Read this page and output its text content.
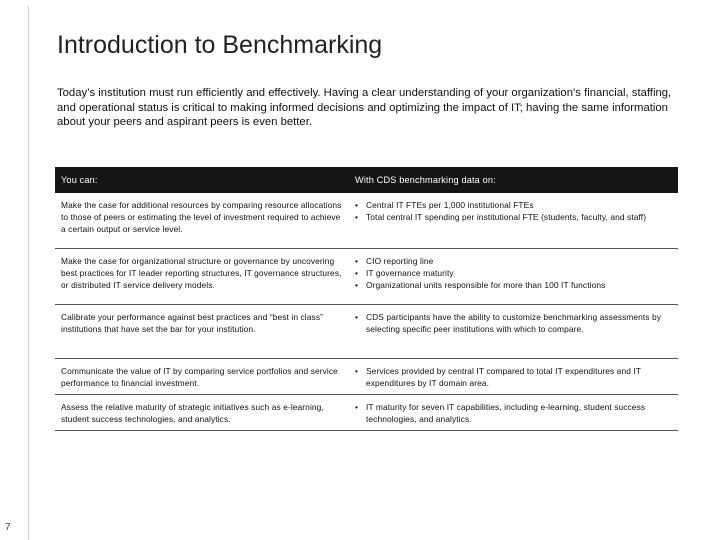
Introduction to Benchmarking
Today’s institution must run efficiently and effectively. Having a clear understanding of your organization’s financial, staffing, and operational status is critical to making informed decisions and optimizing the impact of IT; having the same information about your peers and aspirant peers is even better.
You can:	With CDS benchmarking data on:
Make the case for additional resources by comparing resource allocations to those of peers or estimating the level of investment required to achieve a certain output or service level.
• Central IT FTEs per 1,000 institutional FTEs
• Total central IT spending per institutional FTE (students, faculty, and staff)
Make the case for organizational structure or governance by uncovering best practices for IT leader reporting structures, IT governance structures, or distributed IT service delivery models.
• CIO reporting line
• IT governance maturity
• Organizational units responsible for more than 100 IT functions
Calibrate your performance against best practices and “best in class” institutions that have set the bar for your institution.
• CDS participants have the ability to customize benchmarking assessments by selecting specific peer institutions with which to compare.
Communicate the value of IT by comparing service portfolios and service performance to financial investment.
• Services provided by central IT compared to total IT expenditures and IT expenditures by IT domain area.
Assess the relative maturity of strategic initiatives such as e-learning, student success technologies, and analytics.
• IT maturity for seven IT capabilities, including e-learning, student success technologies, and analytics.
7
